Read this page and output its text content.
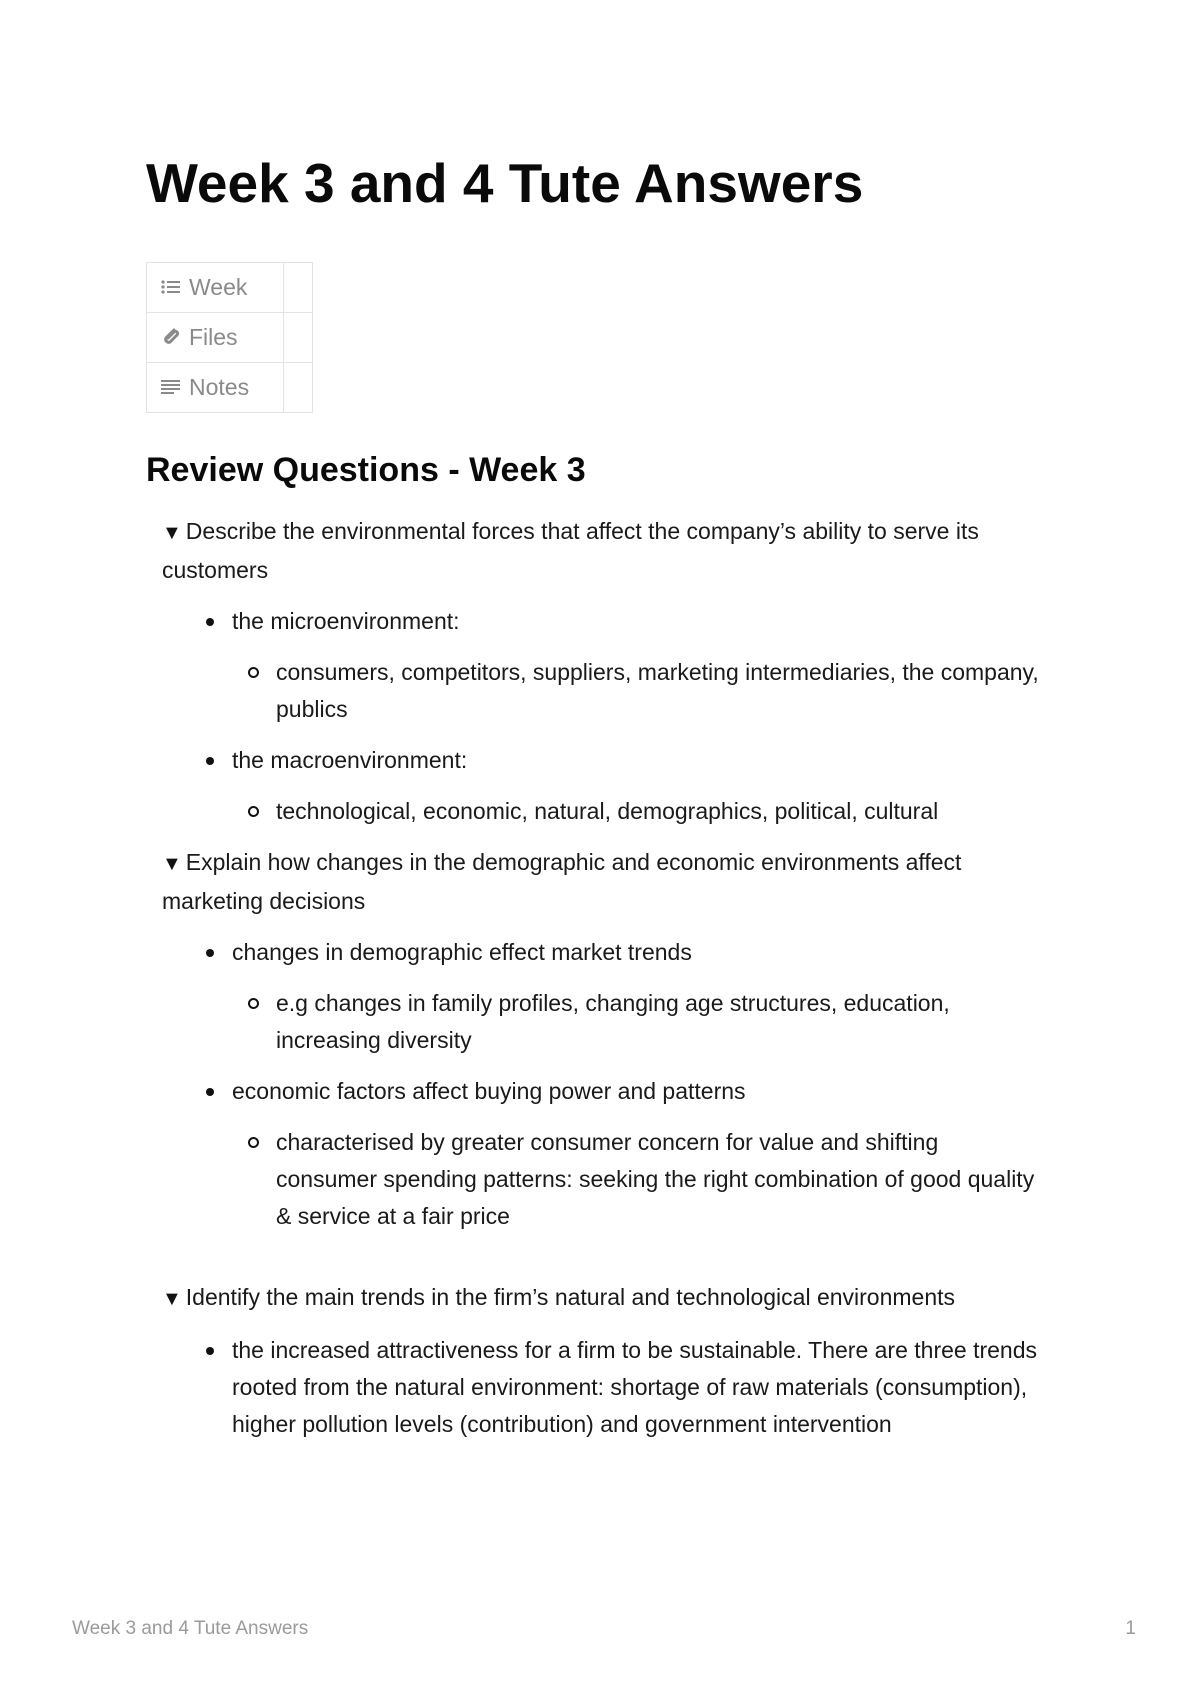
Week 3 and 4 Tute Answers
Week	
Files	
Notes	
Review Questions - Week 3

▼ Describe the environmental forces that affect the company’s ability to serve its customers

the microenvironment:
consumers, competitors, suppliers, marketing intermediaries, the company, publics
the macroenvironment:
technological, economic, natural, demographics, political, cultural

▼ Explain how changes in the demographic and economic environments affect marketing decisions

changes in demographic effect market trends
e.g changes in family profiles, changing age structures, education, increasing diversity
economic factors affect buying power and patterns
characterised by greater consumer concern for value and shifting consumer spending patterns: seeking the right combination of good quality & service at a fair price

▼ Identify the main trends in the firm’s natural and technological environments

the increased attractiveness for a firm to be sustainable. There are three trends rooted from the natural environment: shortage of raw materials (consumption), higher pollution levels (contribution) and government intervention
Week 3 and 4 Tute Answers	1
